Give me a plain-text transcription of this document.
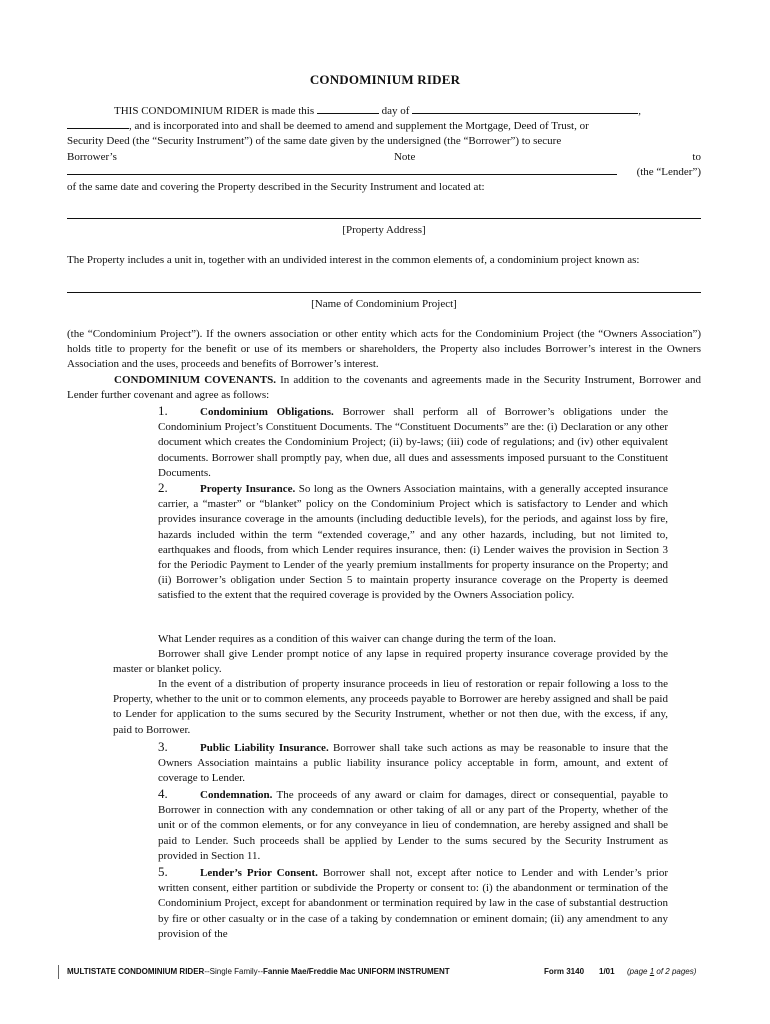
CONDOMINIUM RIDER
THIS CONDOMINIUM RIDER is made this	day of	,
, and is incorporated into and shall be deemed to amend and supplement the Mortgage, Deed of Trust, or
Security Deed (the “Security Instrument”) of the same date given by the undersigned (the “Borrower”) to secure
Borrower’s	Note	to
(the “Lender”)
of the same date and covering the Property described in the Security Instrument and located at:
[Property Address]
The Property includes a unit in, together with an undivided interest in the common elements of, a condominium project known as:
[Name of Condominium Project]
(the “Condominium Project”). If the owners association or other entity which acts for the Condominium Project (the “Owners Association”) holds title to property for the benefit or use of its members or shareholders, the Property also includes Borrower’s interest in the Owners Association and the uses, proceeds and benefits of Borrower’s interest.
CONDOMINIUM COVENANTS. In addition to the covenants and agreements made in the Security Instrument, Borrower and Lender further covenant and agree as follows:
1.	Condominium Obligations. Borrower shall perform all of Borrower’s obligations under the Condominium Project’s Constituent Documents. The “Constituent Documents” are the: (i) Declaration or any other document which creates the Condominium Project; (ii) by-laws; (iii) code of regulations; and (iv) other equivalent documents. Borrower shall promptly pay, when due, all dues and assessments imposed pursuant to the Constituent Documents.
2.	Property Insurance. So long as the Owners Association maintains, with a generally accepted insurance carrier, a “master” or “blanket” policy on the Condominium Project which is satisfactory to Lender and which provides insurance coverage in the amounts (including deductible levels), for the periods, and against loss by fire, hazards included within the term “extended coverage,” and any other hazards, including, but not limited to, earthquakes and floods, from which Lender requires insurance, then: (i) Lender waives the provision in Section 3 for the Periodic Payment to Lender of the yearly premium installments for property insurance on the Property; and (ii) Borrower’s obligation under Section 5 to maintain property insurance coverage on the Property is deemed satisfied to the extent that the required coverage is provided by the Owners Association policy.
What Lender requires as a condition of this waiver can change during the term of the loan.
Borrower shall give Lender prompt notice of any lapse in required property insurance coverage provided by the master or blanket policy.
In the event of a distribution of property insurance proceeds in lieu of restoration or repair following a loss to the Property, whether to the unit or to common elements, any proceeds payable to Borrower are hereby assigned and shall be paid to Lender for application to the sums secured by the Security Instrument, whether or not then due, with the excess, if any, paid to Borrower.
3.	Public Liability Insurance. Borrower shall take such actions as may be reasonable to insure that the Owners Association maintains a public liability insurance policy acceptable in form, amount, and extent of coverage to Lender.
4.	Condemnation. The proceeds of any award or claim for damages, direct or consequential, payable to Borrower in connection with any condemnation or other taking of all or any part of the Property, whether of the unit or of the common elements, or for any conveyance in lieu of condemnation, are hereby assigned and shall be paid to Lender. Such proceeds shall be applied by Lender to the sums secured by the Security Instrument as provided in Section 11.
5.	Lender’s Prior Consent. Borrower shall not, except after notice to Lender and with Lender’s prior written consent, either partition or subdivide the Property or consent to: (i) the abandonment or termination of the Condominium Project, except for abandonment or termination required by law in the case of substantial destruction by fire or other casualty or in the case of a taking by condemnation or eminent domain; (ii) any amendment to any provision of the
MULTISTATE CONDOMINIUM RIDER--Single Family--Fannie Mae/Freddie Mac UNIFORM INSTRUMENT	Form 3140 1/01 (page 1 of 2 pages)
